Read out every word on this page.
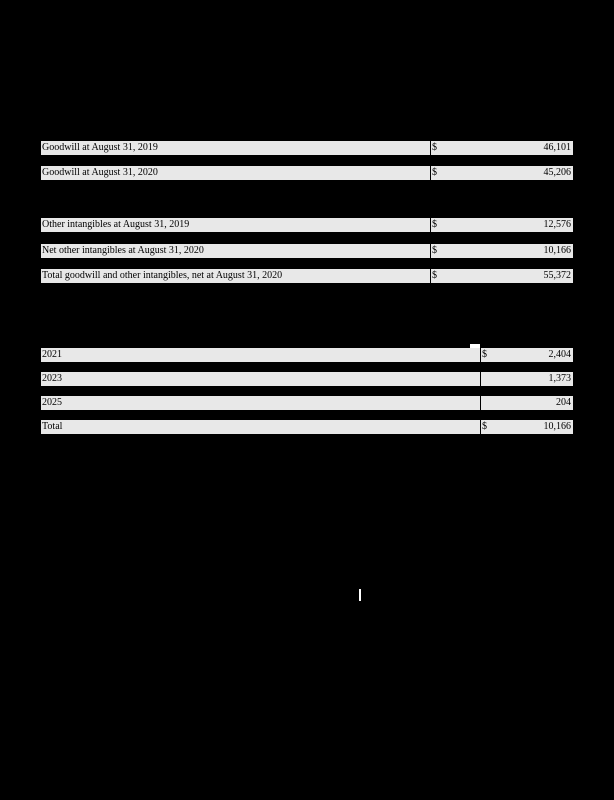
Goodwill at August 31, 2019	$	46,101
Goodwill at August 31, 2020	$	45,206
Other intangibles at August 31, 2019	$	12,576
Net other intangibles at August 31, 2020	$	10,166
Total goodwill and other intangibles, net at August 31, 2020	$	55,372
2021	$	2,404
2023	1,373
2025	204
Total	$	10,166
